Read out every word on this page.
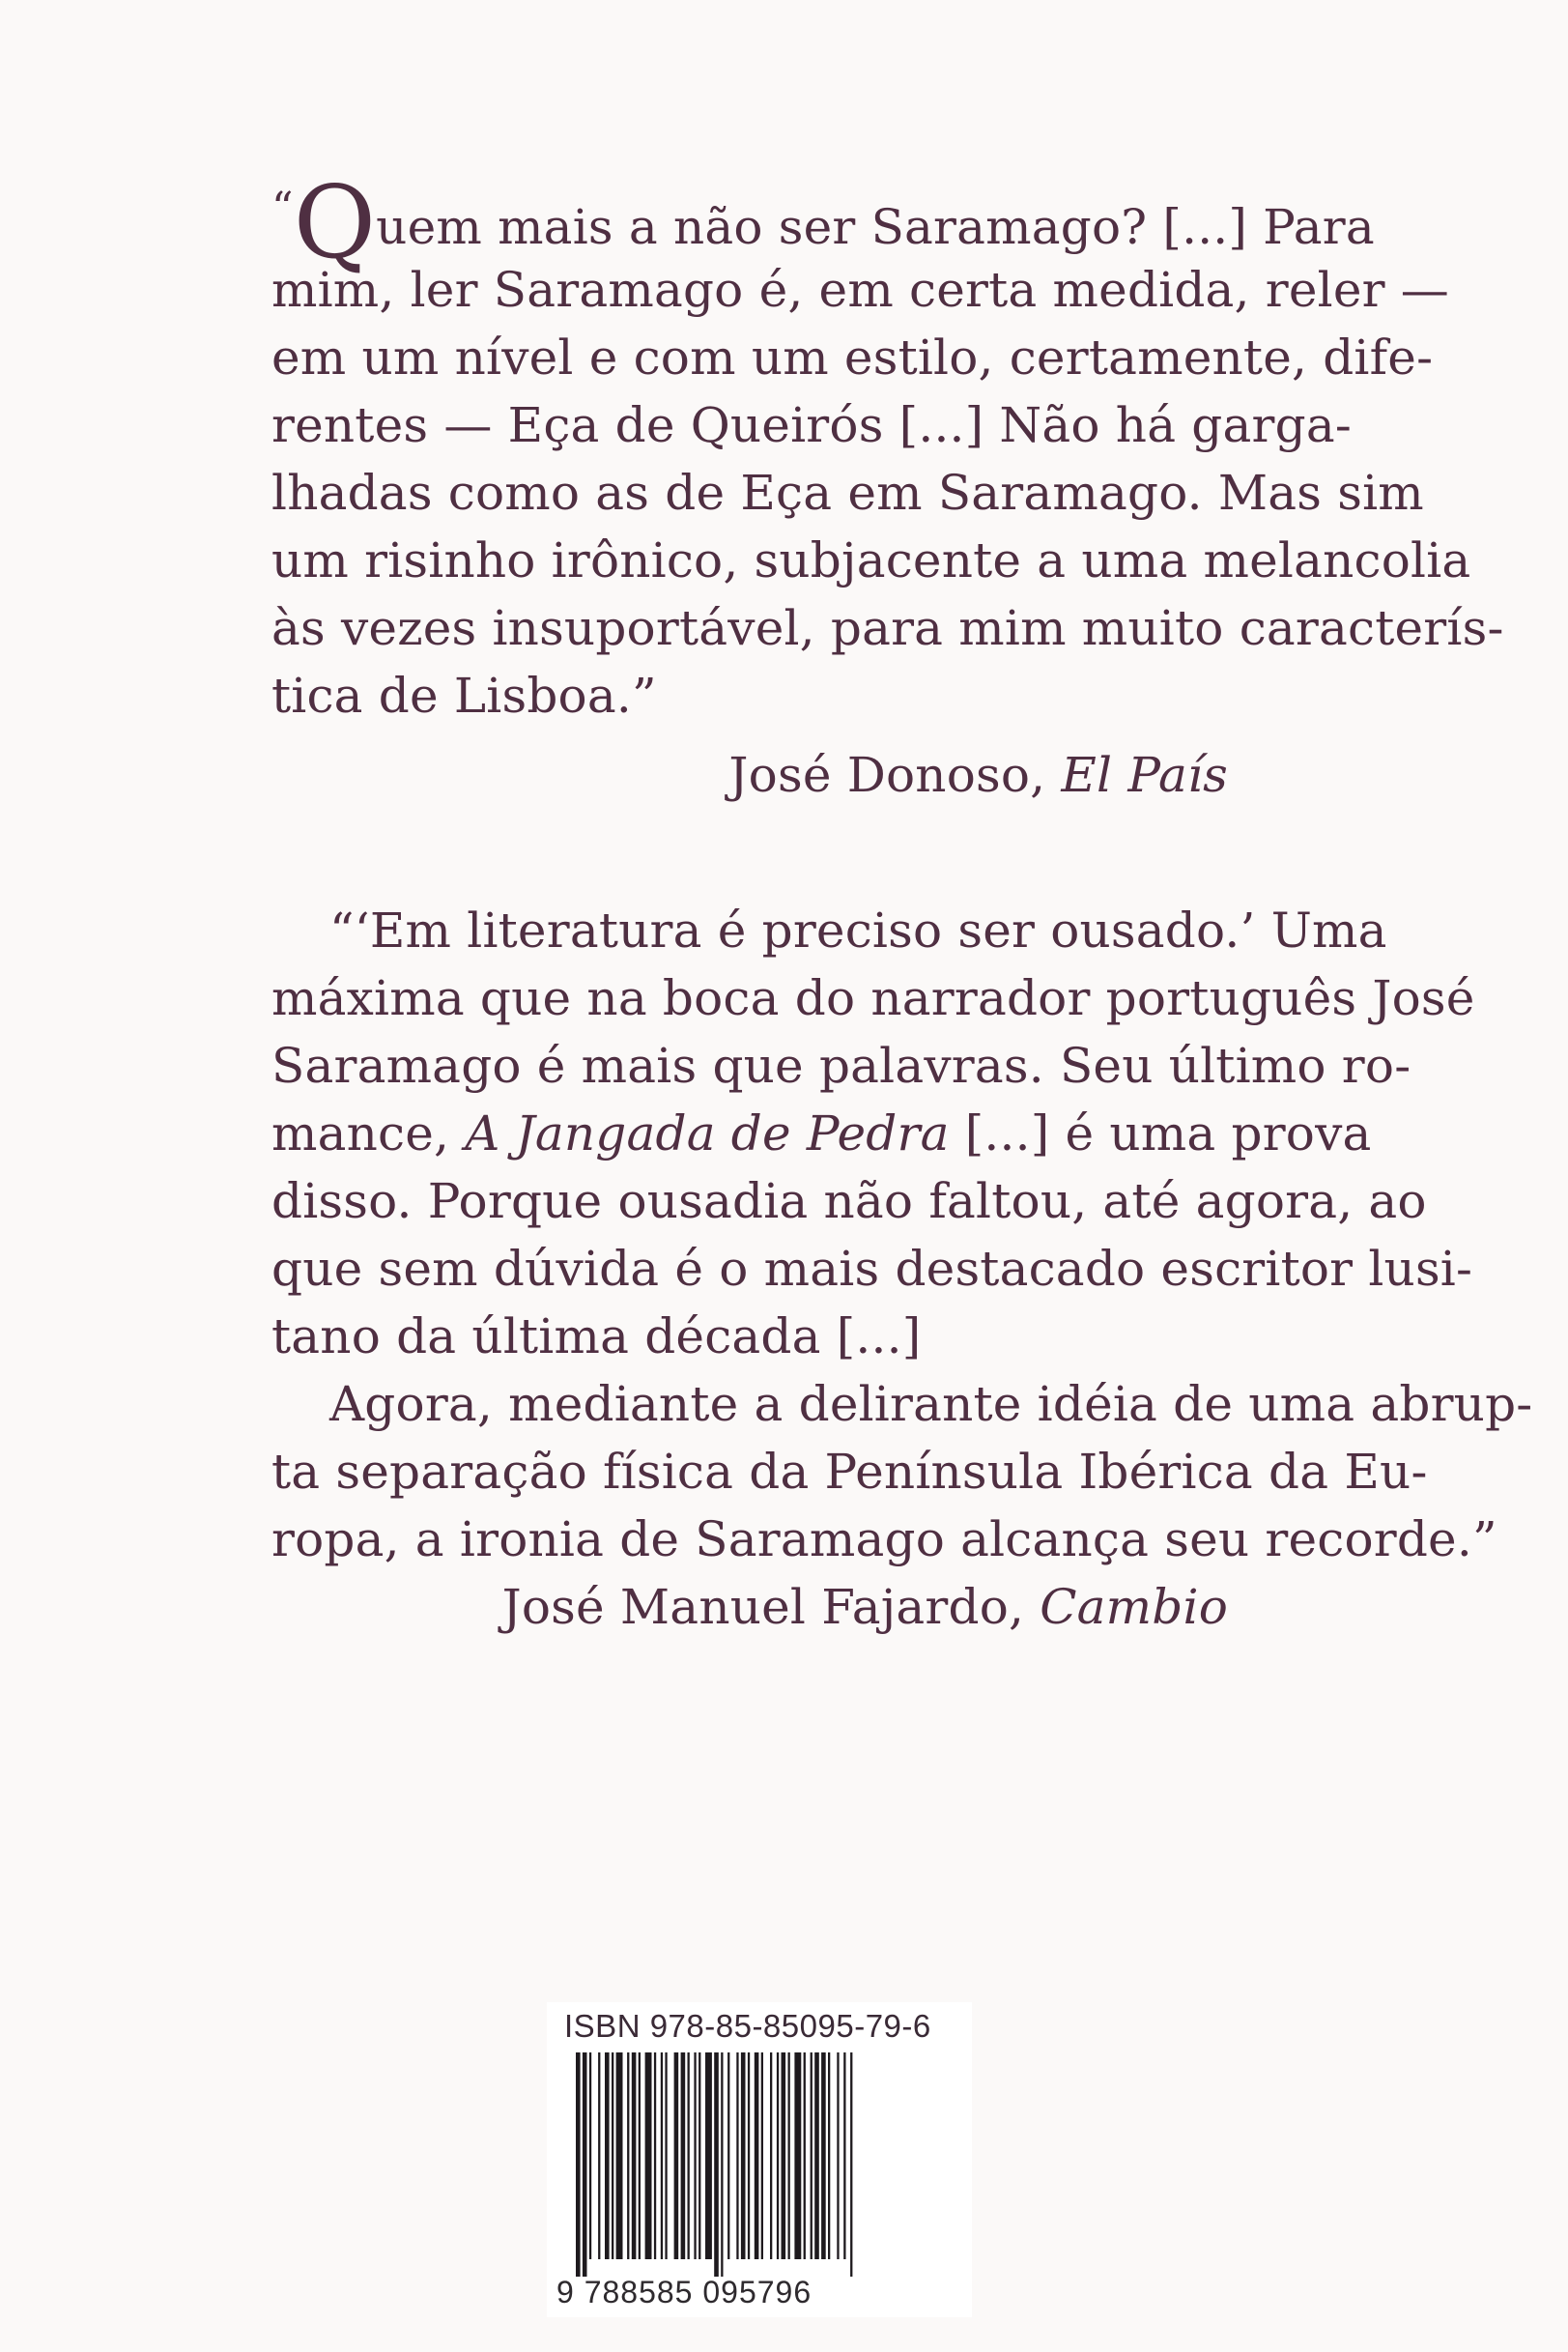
“Quem mais a não ser Saramago? [...] Para
mim, ler Saramago é, em certa medida, reler —
em um nível e com um estilo, certamente, dife-
rentes — Eça de Queirós [...] Não há garga-
lhadas como as de Eça em Saramago. Mas sim
um risinho irônico, subjacente a uma melancolia
às vezes insuportável, para mim muito caracterís-
tica de Lisboa.”
José Donoso, El País
“‘Em literatura é preciso ser ousado.’ Uma
máxima que na boca do narrador português José
Saramago é mais que palavras. Seu último ro-
mance, A Jangada de Pedra [...] é uma prova
disso. Porque ousadia não faltou, até agora, ao
que sem dúvida é o mais destacado escritor lusi-
tano da última década [...]
Agora, mediante a delirante idéia de uma abrup-
ta separação física da Península Ibérica da Eu-
ropa, a ironia de Saramago alcança seu recorde.”
José Manuel Fajardo, Cambio
ISBN 978-85-85095-79-6
9 788585 095796
